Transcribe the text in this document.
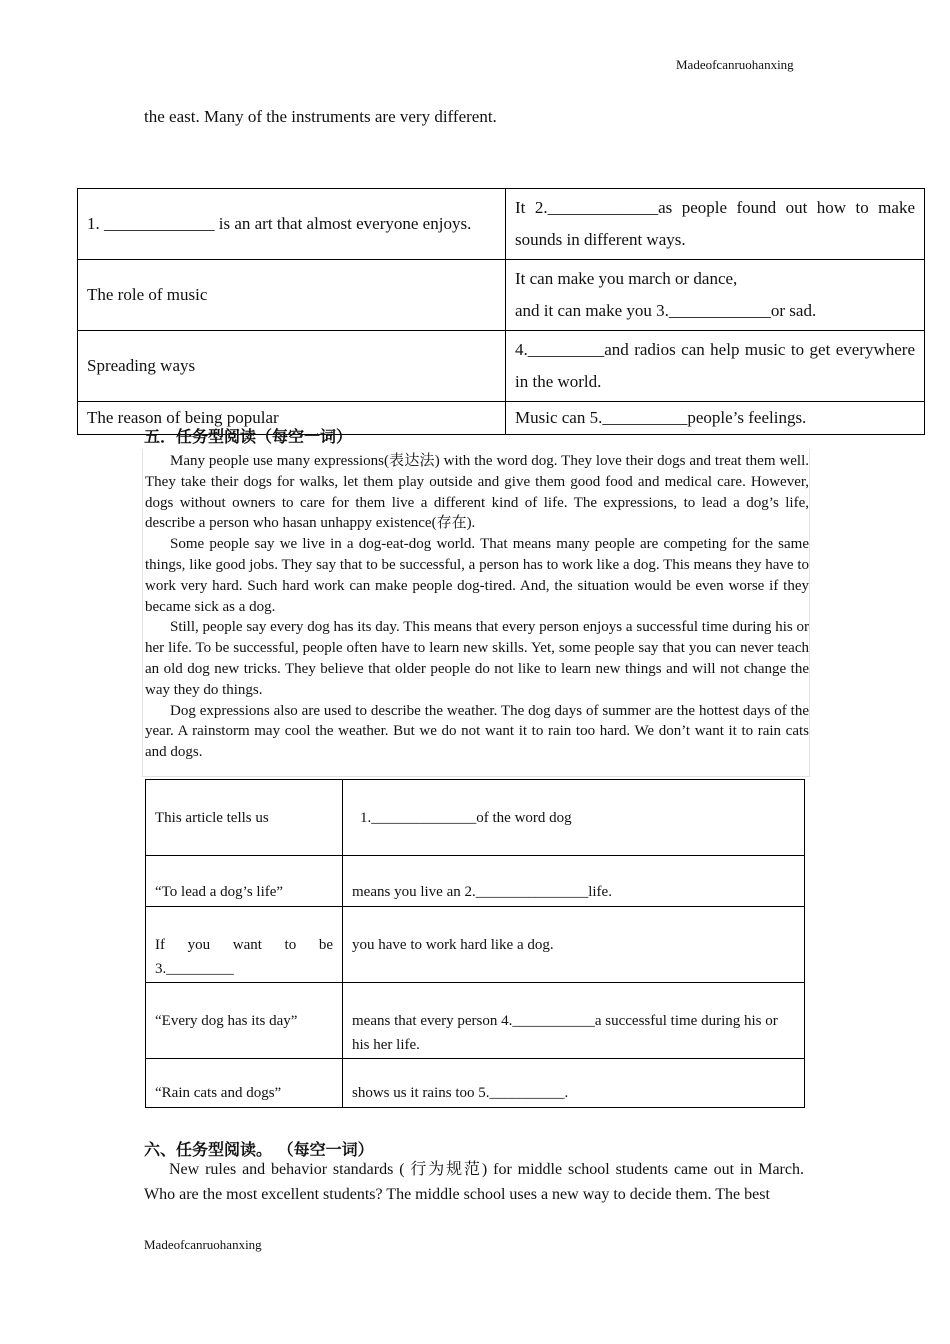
Madeofcanruohanxing
the east. Many of the instruments are very different.
1. _____________ is an art that almost everyone enjoys.	It 2._____________as people found out how to make sounds in different ways.
The role of music	It can make you march or dance,
and it can make you 3.____________or sad.

Spreading ways	4._________and radios can help music to get everywhere in the world.
The reason of being popular	Music can 5.__________people’s feelings.
五．任务型阅读（每空一词）

Many people use many expressions(表达法) with the word dog. They love their dogs and treat them well. They take their dogs for walks, let them play outside and give them good food and medical care. However, dogs without owners to care for them live a different kind of life. The expressions, to lead a dog’s life, describe a person who hasan unhappy existence(存在).

Some people say we live in a dog-eat-dog world. That means many people are competing for the same things, like good jobs. They say that to be successful, a person has to work like a dog. This means they have to work very hard. Such hard work can make people dog-tired. And, the situation would be even worse if they became sick as a dog.

Still, people say every dog has its day. This means that every person enjoys a successful time during his or her life. To be successful, people often have to learn new skills. Yet, some people say that you can never teach an old dog new tricks. They believe that older people do not like to learn new things and will not change the way they do things.

Dog expressions also are used to describe the weather. The dog days of summer are the hottest days of the year. A rainstorm may cool the weather. But we do not want it to rain too hard. We don’t want it to rain cats and dogs.

This article tells us	1.______________of the word dog
“To lead a dog’s life”	means you live an 2._______________life.
If you want to be 3._________	you have to work hard like a dog.
“Every dog has its day”	means that every person 4.___________a successful time during his or his her life.
“Rain cats and dogs”	shows us it rains too 5.__________.
六、任务型阅读。 （每空一词）

New rules and behavior standards ( 行为规范) for middle school students came out in March. Who are the most excellent students? The middle school uses a new way to decide them. The best

Madeofcanruohanxing
